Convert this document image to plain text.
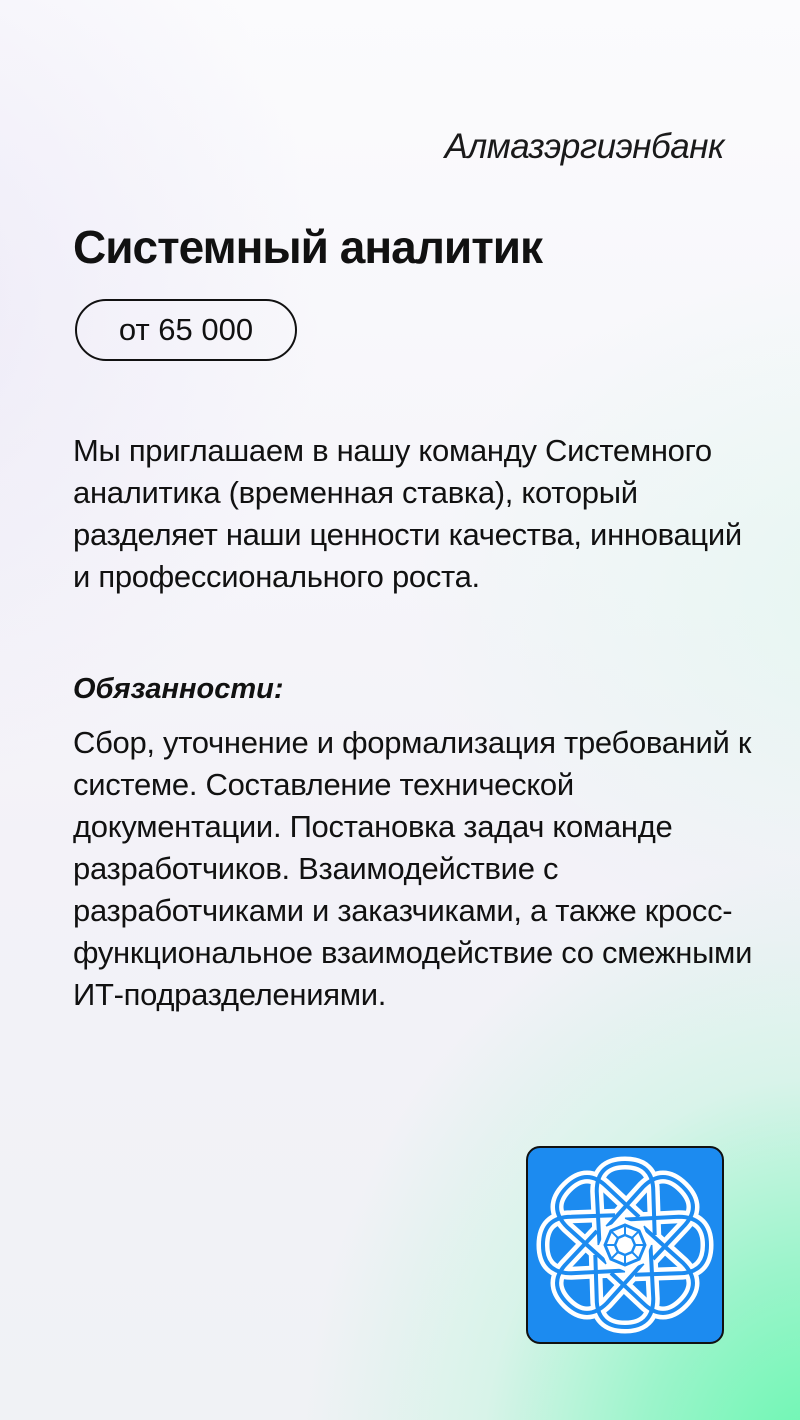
Алмазэргиэнбанк
Системный аналитик
от 65 000

Мы приглашаем в нашу команду Системного аналитика (временная ставка), который разделяет наши ценности качества, инноваций и профессионального роста.

Обязанности:

Сбор, уточнение и формализация требований к системе. Составление технической документации. Постановка задач команде разработчиков. Взаимодействие с разработчиками и заказчиками, а также кросс-функциональное взаимодействие со смежными ИТ-подразделениями.
